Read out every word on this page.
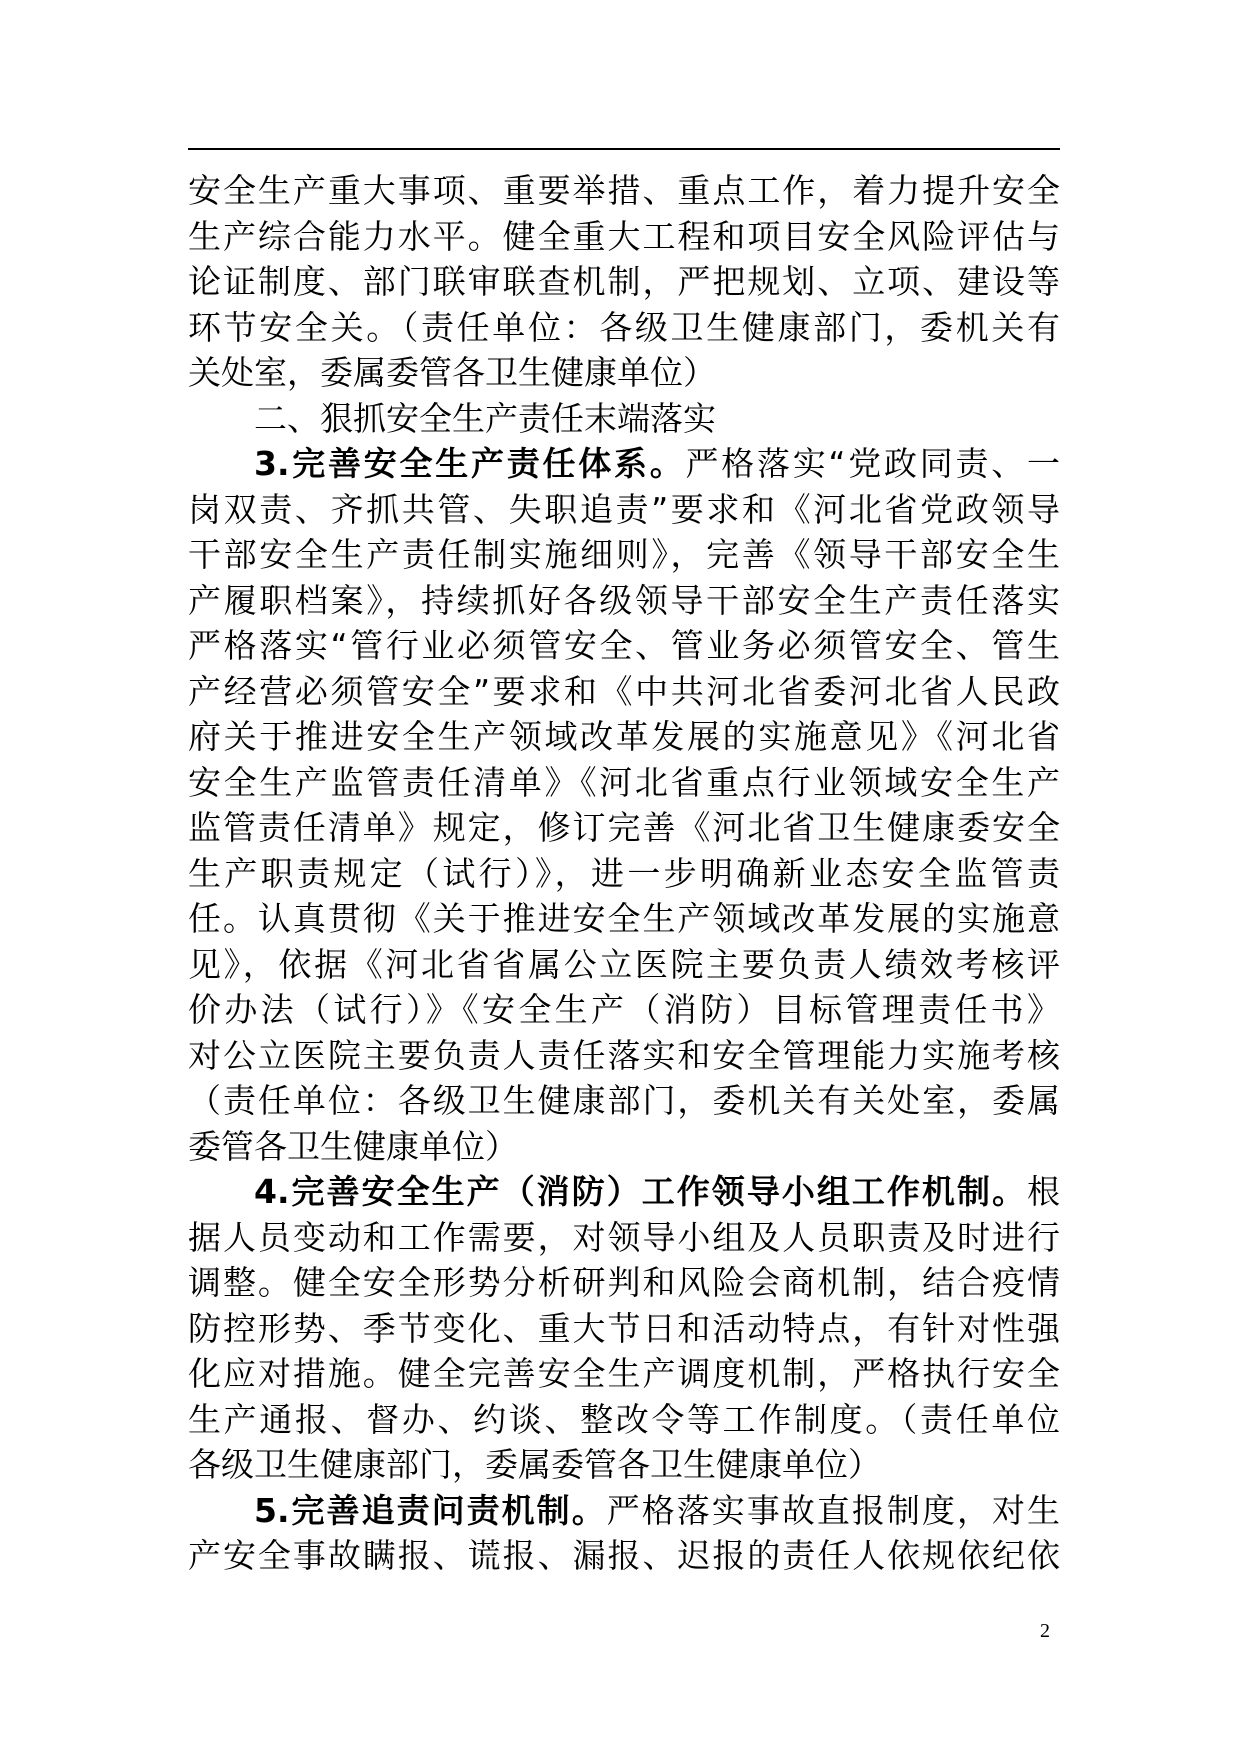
安全生产重大事项、重要举措、重点工作，着力提升安全
生产综合能力水平。健全重大工程和项目安全风险评估与
论证制度、部门联审联查机制，严把规划、立项、建设等
环节安全关。（责任单位：各级卫生健康部门，委机关有
关处室，委属委管各卫生健康单位）
二、狠抓安全生产责任末端落实
3.完善安全生产责任体系。严格落实“党政同责、一
岗双责、齐抓共管、失职追责”要求和《河北省党政领导
干部安全生产责任制实施细则》，完善《领导干部安全生
产履职档案》，持续抓好各级领导干部安全生产责任落实
严格落实“管行业必须管安全、管业务必须管安全、管生
产经营必须管安全”要求和《中共河北省委河北省人民政
府关于推进安全生产领域改革发展的实施意见》《河北省
安全生产监管责任清单》《河北省重点行业领域安全生产
监管责任清单》规定，修订完善《河北省卫生健康委安全
生产职责规定（试行）》，进一步明确新业态安全监管责
任。认真贯彻《关于推进安全生产领域改革发展的实施意
见》，依据《河北省省属公立医院主要负责人绩效考核评
价办法（试行）》《安全生产（消防）目标管理责任书》
对公立医院主要负责人责任落实和安全管理能力实施考核
（责任单位：各级卫生健康部门，委机关有关处室，委属
委管各卫生健康单位）
4.完善安全生产（消防）工作领导小组工作机制。根
据人员变动和工作需要，对领导小组及人员职责及时进行
调整。健全安全形势分析研判和风险会商机制，结合疫情
防控形势、季节变化、重大节日和活动特点，有针对性强
化应对措施。健全完善安全生产调度机制，严格执行安全
生产通报、督办、约谈、整改令等工作制度。（责任单位
各级卫生健康部门，委属委管各卫生健康单位）
5.完善追责问责机制。严格落实事故直报制度，对生
产安全事故瞒报、谎报、漏报、迟报的责任人依规依纪依
2
